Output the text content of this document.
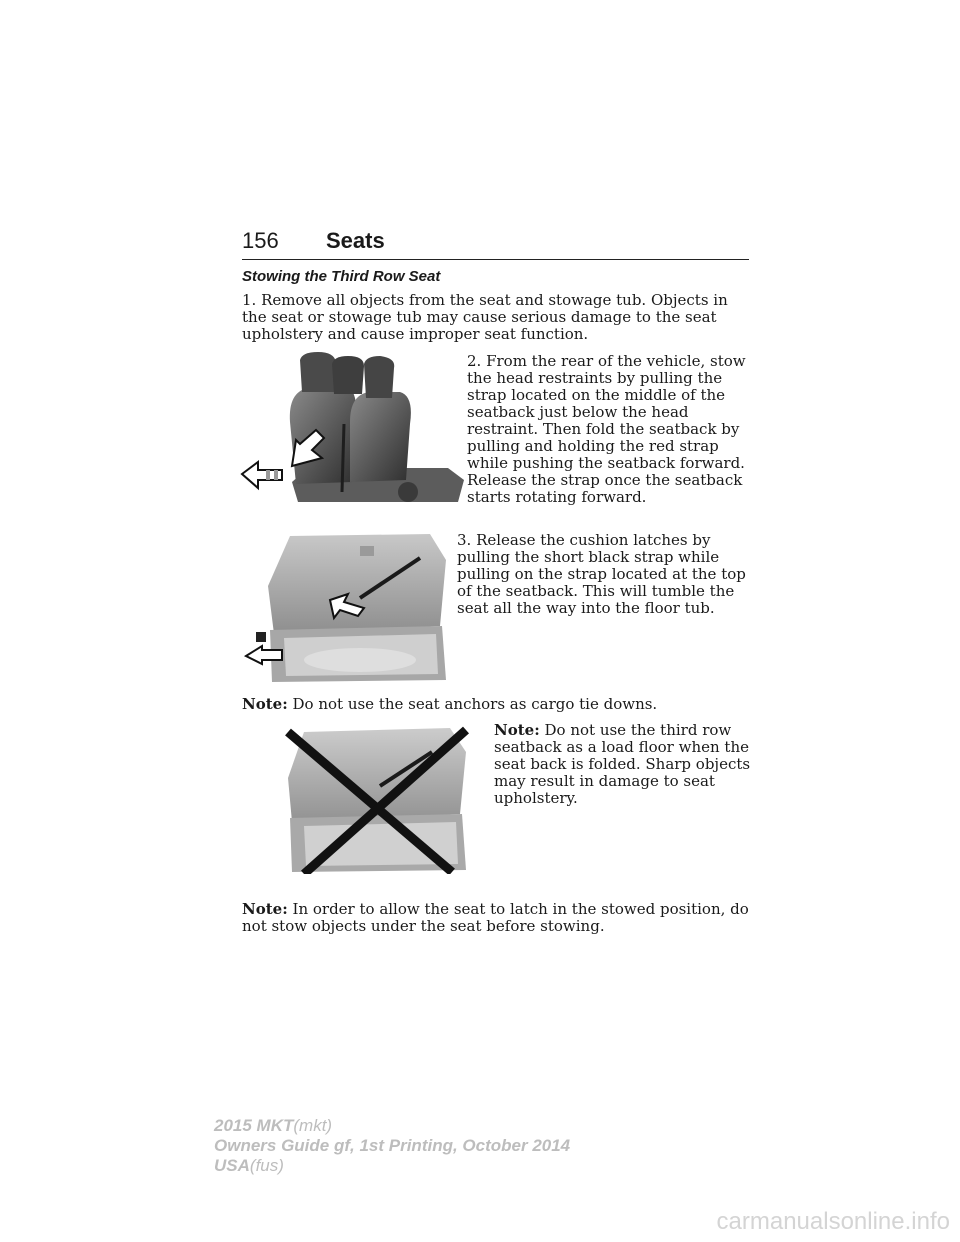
156 Seats
Stowing the Third Row Seat
1. Remove all objects from the seat and stowage tub. Objects in the seat or stowage tub may cause serious damage to the seat upholstery and cause improper seat function.
2. From the rear of the vehicle, stow the head restraints by pulling the strap located on the middle of the seatback just below the head restraint. Then fold the seatback by pulling and holding the red strap while pushing the seatback forward. Release the strap once the seatback starts rotating forward.
3. Release the cushion latches by pulling the short black strap while pulling on the strap located at the top of the seatback. This will tumble the seat all the way into the floor tub.
Note: Do not use the seat anchors as cargo tie downs.
Note: Do not use the third row seatback as a load floor when the seat back is folded. Sharp objects may result in damage to seat upholstery.
Note: In order to allow the seat to latch in the stowed position, do not stow objects under the seat before stowing.
2015 MKT(mkt)
Owners Guide gf, 1st Printing, October 2014
USA(fus)
carmanualsonline.info
